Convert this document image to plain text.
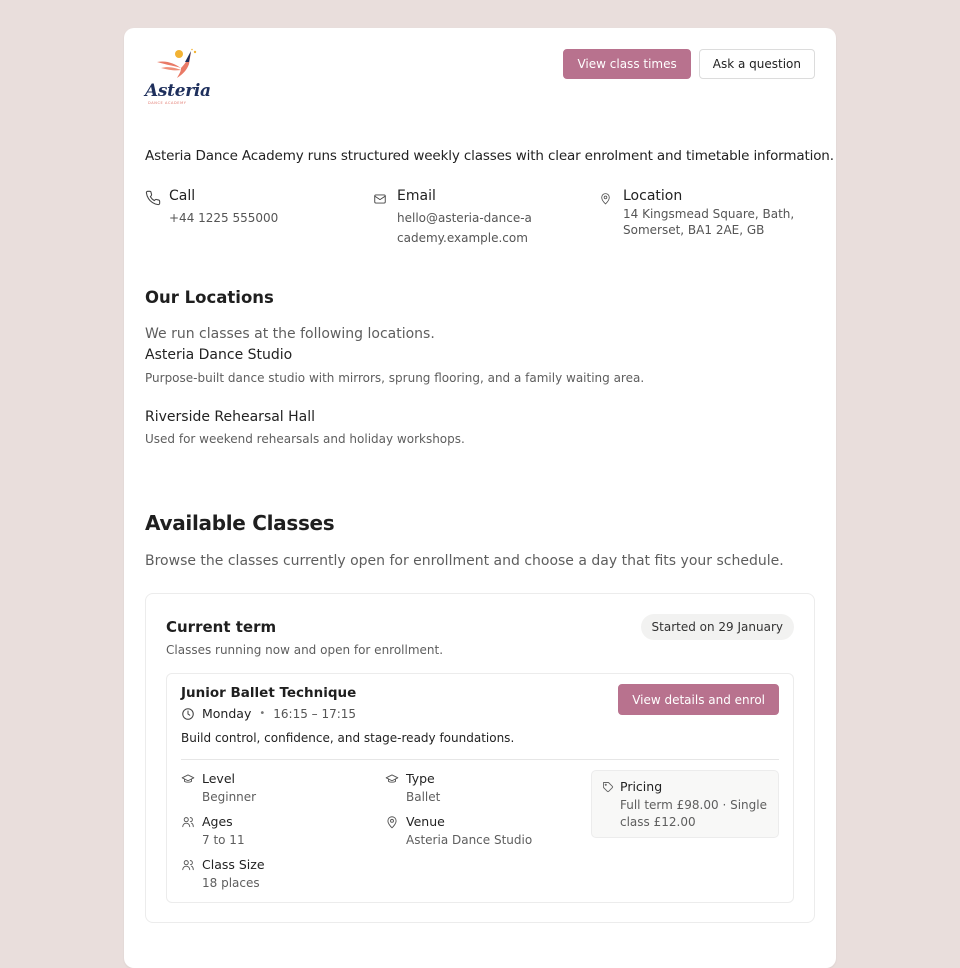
Asteria
DANCE ACADEMY
View class times	Ask a question

Asteria Dance Academy runs structured weekly classes with clear enrolment and timetable information.

Call
+44 1225 555000
Email
hello@asteria-dance-academy.example.com
Location
14 Kingsmead Square, Bath, Somerset, BA1 2AE, GB
Our Locations

We run classes at the following locations.

Asteria Dance Studio
Purpose-built dance studio with mirrors, sprung flooring, and a family waiting area.
Riverside Rehearsal Hall
Used for weekend rehearsals and holiday workshops.
Available Classes

Browse the classes currently open for enrollment and choose a day that fits your schedule.

Current term

Classes running now and open for enrollment.

Started on 29 January
Junior Ballet Technique
Monday • 16:15 – 17:15

Build control, confidence, and stage-ready foundations.

View details and enrol
Level
Beginner
Type
Ballet
Ages
7 to 11
Venue
Asteria Dance Studio
Class Size
18 places
Pricing
Full term £98.00 · Single class £12.00
